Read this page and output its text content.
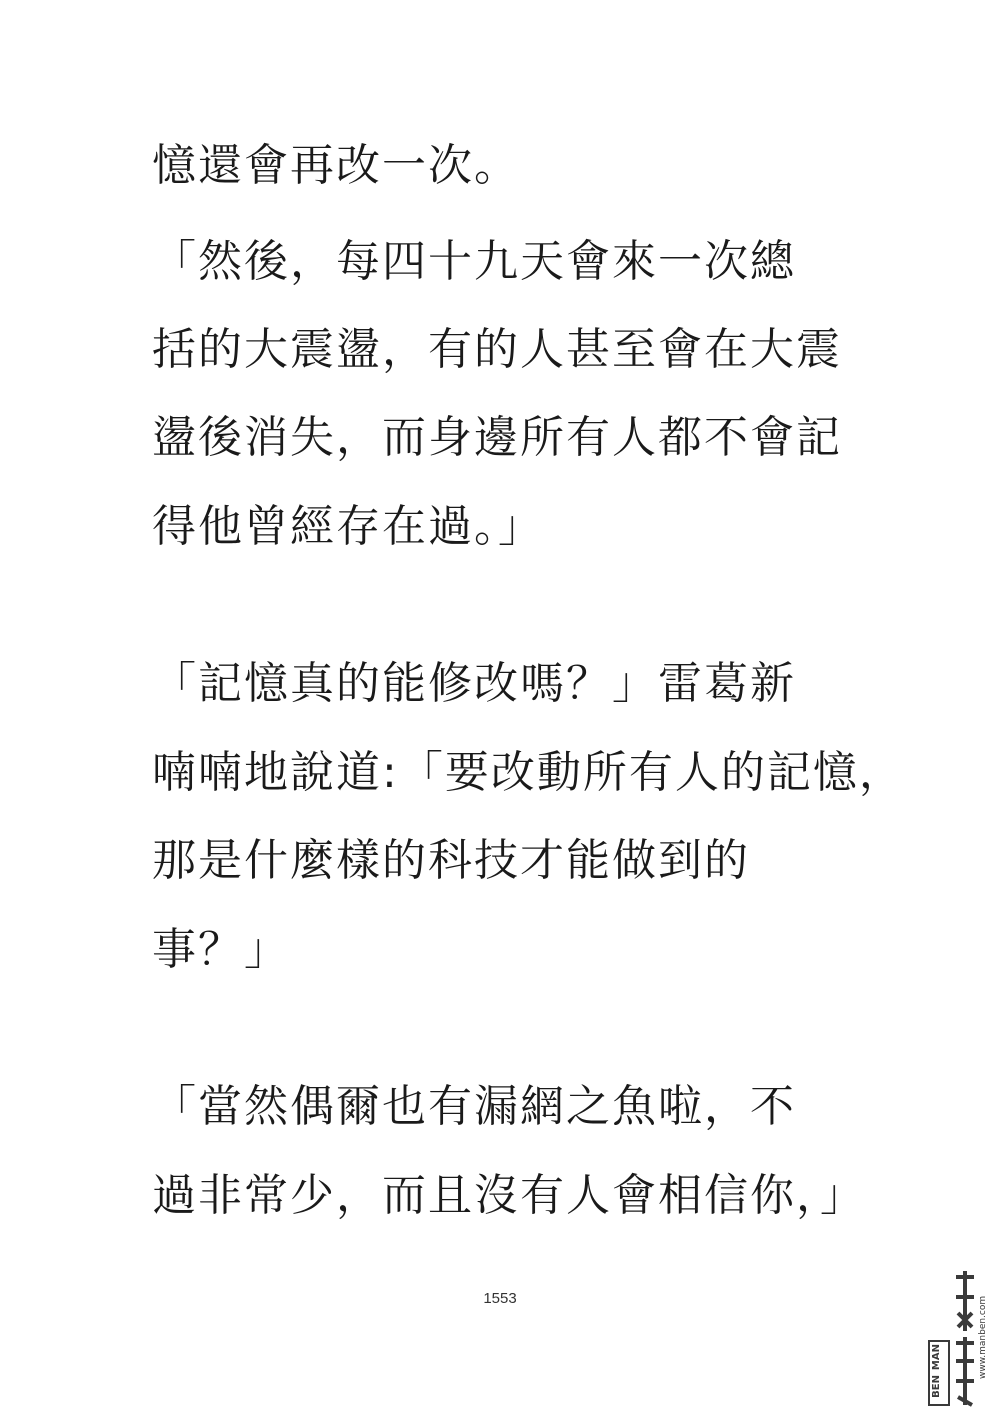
憶還會再改一次。
「然後，每四十九天會來一次總
括的大震盪，有的人甚至會在大震
盪後消失，而身邊所有人都不會記
得他曾經存在過。」
「記憶真的能修改嗎？」雷葛新
喃喃地說道:「要改動所有人的記憶，
那是什麼樣的科技才能做到的
事？」
「當然偶爾也有漏網之魚啦，不
過非常少，而且沒有人會相信你，」
1553
MAN
BEN
www.manben.com
